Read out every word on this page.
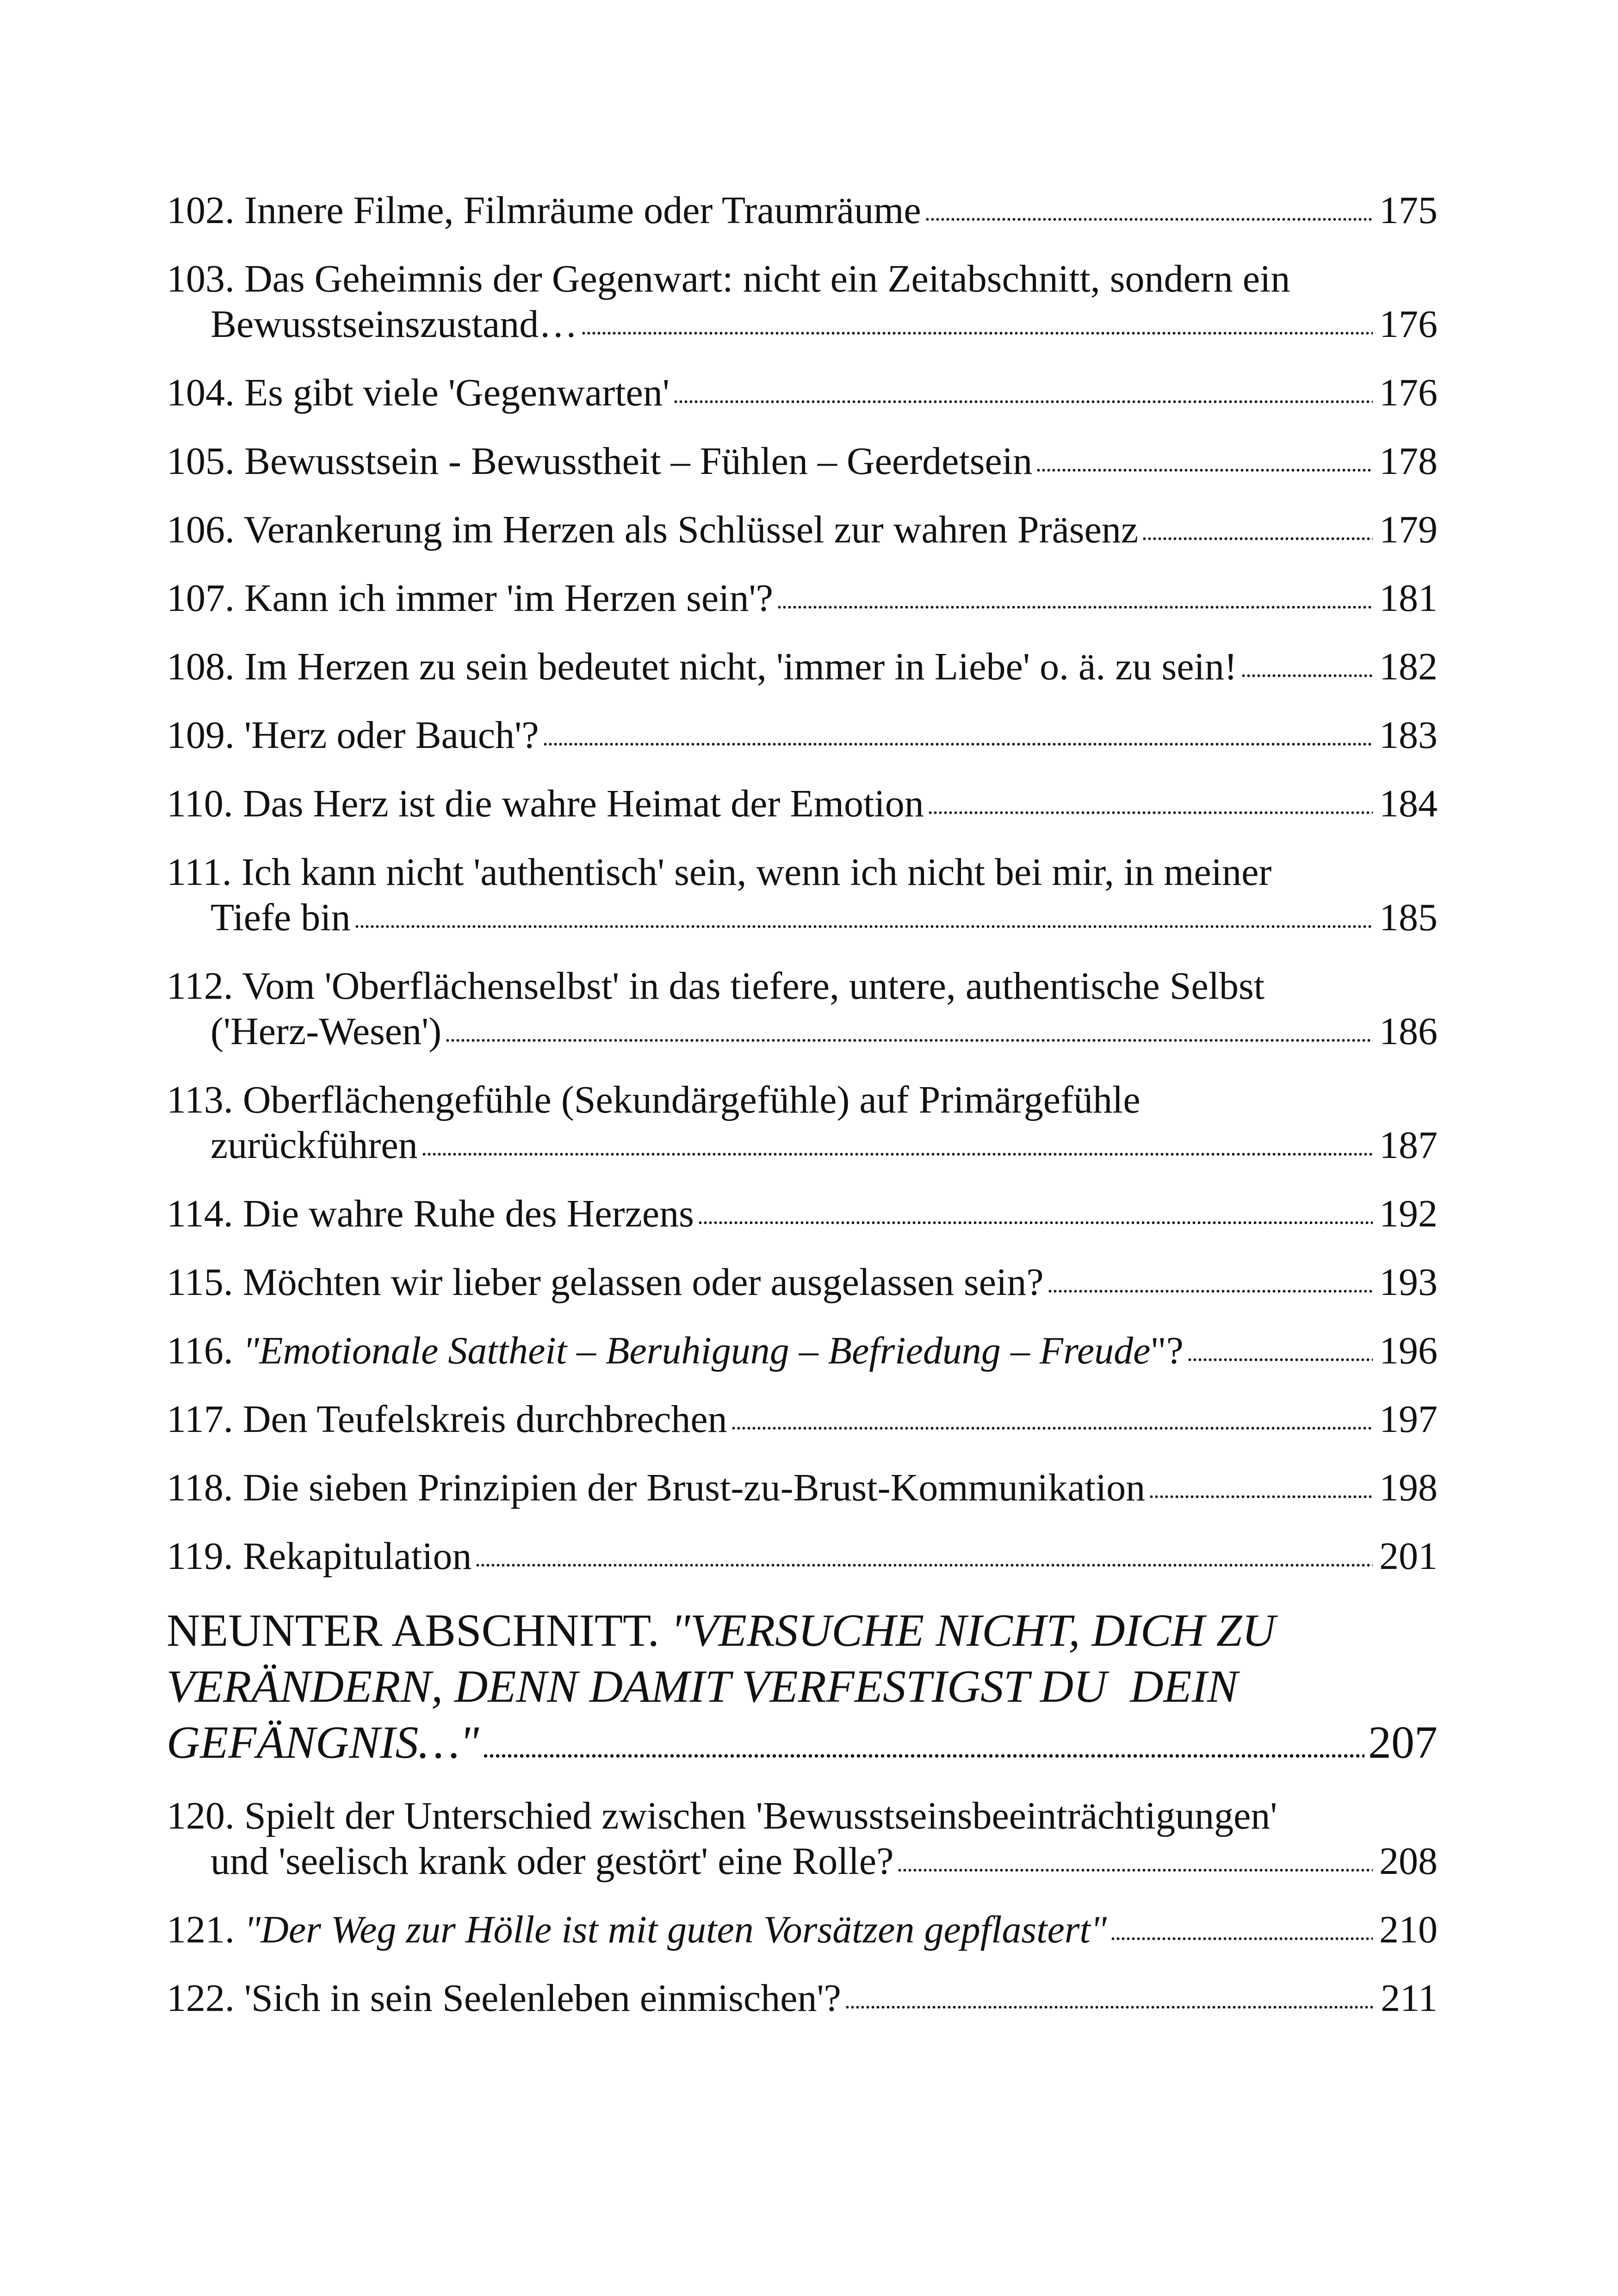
102. Innere Filme, Filmräume oder Traumräume	175
103. Das Geheimnis der Gegenwart: nicht ein Zeitabschnitt, sondern ein
Bewusstseinszustand…	176
104. Es gibt viele 'Gegenwarten'	176
105. Bewusstsein - Bewusstheit – Fühlen – Geerdetsein	178
106. Verankerung im Herzen als Schlüssel zur wahren Präsenz	179
107. Kann ich immer 'im Herzen sein'?	181
108. Im Herzen zu sein bedeutet nicht, 'immer in Liebe' o. ä. zu sein!	182
109. 'Herz oder Bauch'?	183
110. Das Herz ist die wahre Heimat der Emotion	184
111. Ich kann nicht 'authentisch' sein, wenn ich nicht bei mir, in meiner
Tiefe bin	185
112. Vom 'Oberflächenselbst' in das tiefere, untere, authentische Selbst
('Herz-Wesen')	186
113. Oberflächengefühle (Sekundärgefühle) auf Primärgefühle
zurückführen	187
114. Die wahre Ruhe des Herzens	192
115. Möchten wir lieber gelassen oder ausgelassen sein?	193
116. "Emotionale Sattheit – Beruhigung – Befriedung – Freude "?	196
117. Den Teufelskreis durchbrechen	197
118. Die sieben Prinzipien der Brust-zu-Brust-Kommunikation	198
119. Rekapitulation	201
NEUNTER ABSCHNITT. "VERSUCHE NICHT, DICH ZU
VERÄNDERN, DENN DAMIT VERFESTIGST DU  DEIN
GEFÄNGNIS…"	207
120. Spielt der Unterschied zwischen 'Bewusstseinsbeeinträchtigungen'
und 'seelisch krank oder gestört' eine Rolle?	208
121. "Der Weg zur Hölle ist mit guten Vorsätzen gepflastert"	210
122. 'Sich in sein Seelenleben einmischen'?	211
